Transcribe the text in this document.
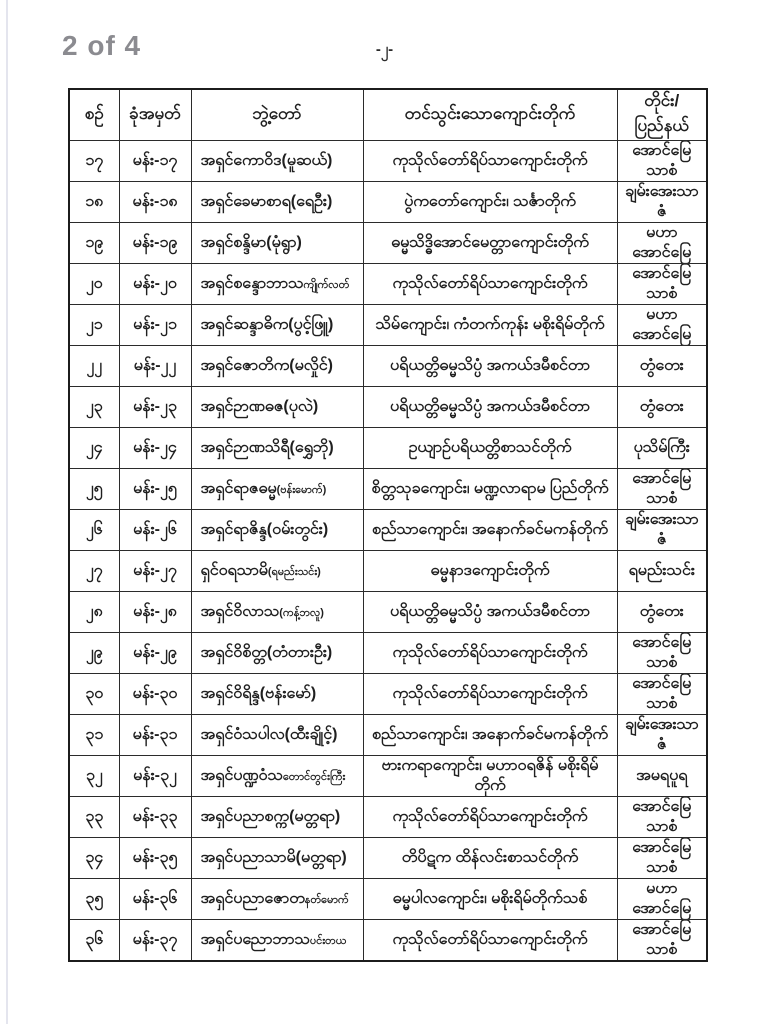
2 of 4	-၂-
စဉ်	ခုံအမှတ်	ဘွဲ့တော်	တင်သွင်းသောကျောင်းတိုက်	တိုင်း/ပြည်နယ်
၁၇	မန်း-၁၇	အရှင်ကောဝိဒ(မူဆယ်)	ကုသိုလ်တော်ရိပ်သာကျောင်းတိုက်	အောင်မြေသာစံ
၁၈	မန်း-၁၈	အရှင်ခေမာစာရ(ရေဦး)	ပွဲကတော်ကျောင်း၊ သင်္ဇာတိုက်	ချမ်းအေးသာဇံ
၁၉	မန်း-၁၉	အရှင်စန္ဒိမာ(မုံရွာ)	ဓမ္မသိဒ္ဓိအောင်မေတ္တာကျောင်းတိုက်	မဟာအောင်မြေ
၂၀	မန်း-၂၀	အရှင်စန္ဒောဘာသကျိုက်လတ်	ကုသိုလ်တော်ရိပ်သာကျောင်းတိုက်	အောင်မြေသာစံ
၂၁	မန်း-၂၁	အရှင်ဆန္ဒာဓိက(ပွင့်ဖြူ)	သိမ်ကျောင်း၊ ကံတက်ကုန်း မစိုးရိမ်တိုက်	မဟာအောင်မြေ
၂၂	မန်း-၂၂	အရှင်ဇောတိက(မလှိုင်)	ပရိယတ္တိဓမ္မသိပ္ပံ အကယ်ဒမီစင်တာ	တွံတေး
၂၃	မန်း-၂၃	အရှင်ဉာဏဓဇ(ပုလဲ)	ပရိယတ္တိဓမ္မသိပ္ပံ အကယ်ဒမီစင်တာ	တွံတေး
၂၄	မန်း-၂၄	အရှင်ဉာဏသိရီ(ရွှေဘို)	ဥယျာဉ်ပရိယတ္တိစာသင်တိုက်	ပုသိမ်ကြီး
၂၅	မန်း-၂၅	အရှင်ရာဇဓမ္မ(ဗန်းမောက်)	စိတ္တသုခကျောင်း၊ မဏ္ဍလာရာမ ပြည်တိုက်	အောင်မြေသာစံ
၂၆	မန်း-၂၆	အရှင်ရာဇိန္ဒ(ဝမ်းတွင်း)	စည်သာကျောင်း၊ အနောက်ခင်မကန်တိုက်	ချမ်းအေးသာဇံ
၂၇	မန်း-၂၇	ရှင်ဝရသာမိ(ရမည်းသင်း)	ဓမ္မနာဒကျောင်းတိုက်	ရမည်းသင်း
၂၈	မန်း-၂၈	အရှင်ဝိလာသ(ကန့်ဘလူ)	ပရိယတ္တိဓမ္မသိပ္ပံ အကယ်ဒမီစင်တာ	တွံတေး
၂၉	မန်း-၂၉	အရှင်ဝိစိတ္တ(တံတားဦး)	ကုသိုလ်တော်ရိပ်သာကျောင်းတိုက်	အောင်မြေသာစံ
၃၀	မန်း-၃၀	အရှင်ဝိရိန္ဒ(ဗန်းမော်)	ကုသိုလ်တော်ရိပ်သာကျောင်းတိုက်	အောင်မြေသာစံ
၃၁	မန်း-၃၁	အရှင်ဝံသပါလ(ထီးချိုင့်)	စည်သာကျောင်း၊ အနောက်ခင်မကန်တိုက်	ချမ်းအေးသာဇံ
၃၂	မန်း-၃၂	အရှင်ပဏ္ဍဝံသတောင်တွင်းကြီး	ဗားကရာကျောင်း၊ မဟာဝရဇိန် မစိုးရိမ်တိုက်	အမရပူရ
၃၃	မန်း-၃၃	အရှင်ပညာစက္က(မတ္တရာ)	ကုသိုလ်တော်ရိပ်သာကျောင်းတိုက်	အောင်မြေသာစံ
၃၄	မန်း-၃၅	အရှင်ပညာသာမိ(မတ္တရာ)	တိပိဋက ထိန်လင်းစာသင်တိုက်	အောင်မြေသာစံ
၃၅	မန်း-၃၆	အရှင်ပညာဇောတနတ်မောက်	ဓမ္မပါလကျောင်း၊ မစိုးရိမ်တိုက်သစ်	မဟာအောင်မြေ
၃၆	မန်း-၃၇	အရှင်ပညောဘာသပင်းတယ	ကုသိုလ်တော်ရိပ်သာကျောင်းတိုက်	အောင်မြေသာစံ
